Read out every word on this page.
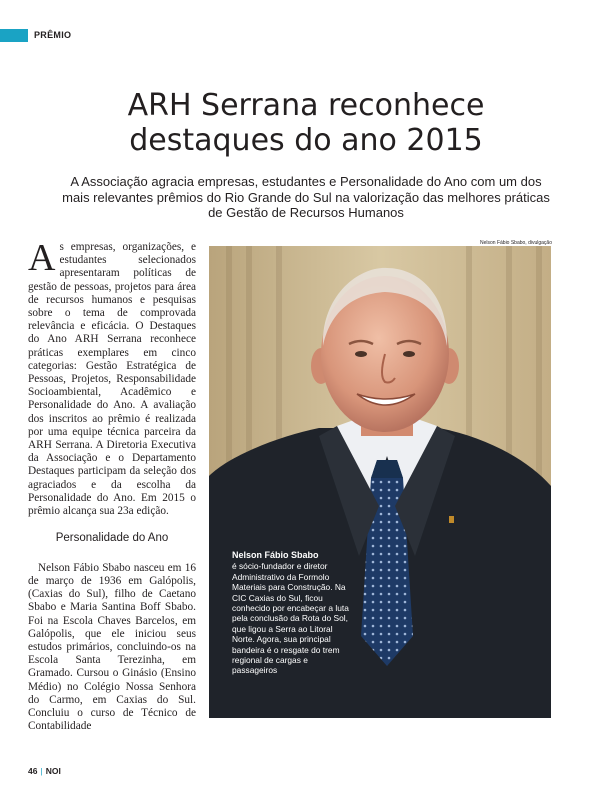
PRÊMIO
ARH Serrana reconhece
destaques do ano 2015

A Associação agracia empresas, estudantes e Personalidade do Ano com um dos mais relevantes prêmios do Rio Grande do Sul na valorização das melhores práticas de Gestão de Recursos Humanos

As empresas, organizações, e estudantes selecionados apresentaram políticas de gestão de pessoas, projetos para área de recursos humanos e pesquisas sobre o tema de comprovada relevância e eficácia. O Destaques do Ano ARH Serrana reconhece práticas exemplares em cinco categorias: Gestão Estratégica de Pessoas, Projetos, Responsabilidade Socioambiental, Acadêmico e Personalidade do Ano. A avaliação dos inscritos ao prêmio é realizada por uma equipe técnica parceira da ARH Serrana. A Diretoria Executiva da Associação e o Departamento Destaques participam da seleção dos agraciados e da escolha da Personalidade do Ano. Em 2015 o prêmio alcança sua 23a edição.

Personalidade do Ano

Nelson Fábio Sbabo nasceu em 16 de março de 1936 em Galópolis, (Caxias do Sul), filho de Caetano Sbabo e Maria Santina Boff Sbabo. Foi na Escola Chaves Barcelos, em Galópolis, que ele iniciou seus estudos primários, concluindo-os na Escola Santa Terezinha, em Gramado. Cursou o Ginásio (Ensino Médio) no Colégio Nossa Senhora do Carmo, em Caxias do Sul. Concluiu o curso de Técnico de Contabilidade

Nelson Fábio Sbabo, divulgação
Nelson Fábio Sbabo
é sócio-fundador e diretor Administrativo da Formolo Materiais para Construção. Na CIC Caxias do Sul, ficou conhecido por encabeçar a luta pela conclusão da Rota do Sol, que ligou a Serra ao Litoral Norte. Agora, sua principal bandeira é o resgate do trem regional de cargas e passageiros
46 | NOI
